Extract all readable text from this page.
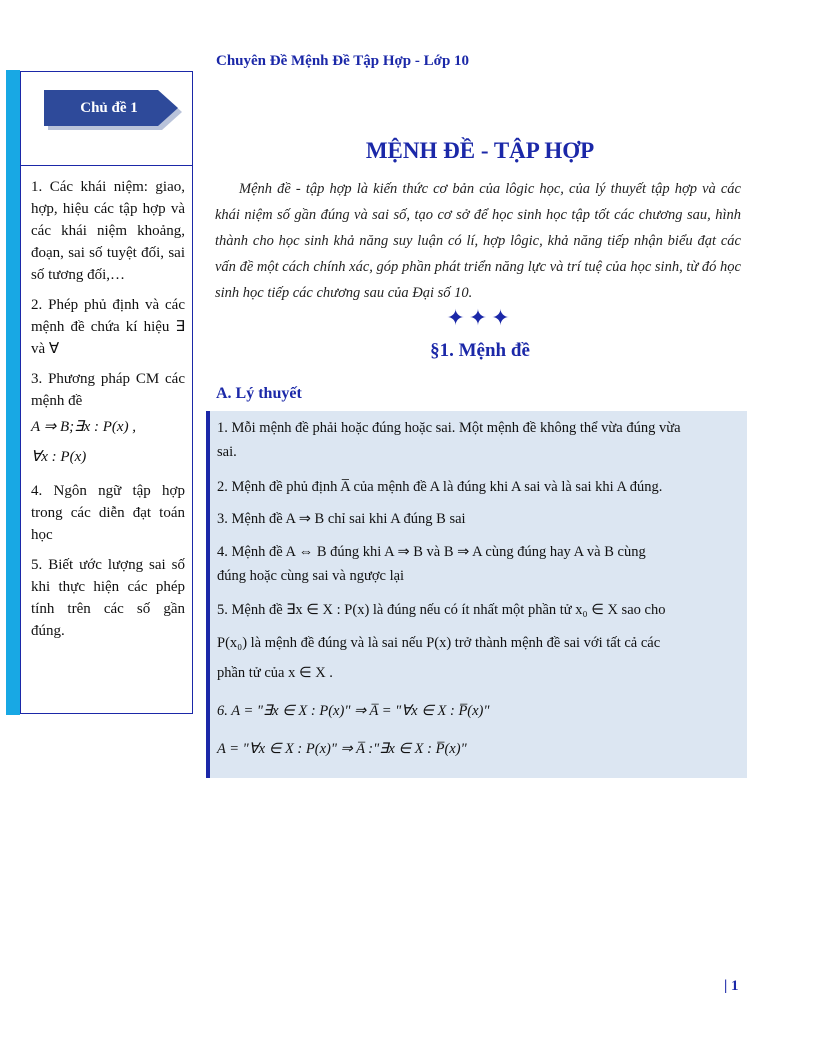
Chuyên Đề Mệnh Đề Tập Hợp - Lớp 10
Chủ đề 1
1. Các khái niệm: giao, hợp, hiệu các tập hợp và các khái niệm khoảng, đoạn, sai số tuyệt đối, sai số tương đối,…
2. Phép phủ định và các mệnh đề chứa kí hiệu ∃ và ∀
3. Phương pháp CM các mệnh đề
A ⇒ B;∃x : P(x) ,
∀x : P(x)
4. Ngôn ngữ tập hợp trong các diễn đạt toán học
5. Biết ước lượng sai số khi thực hiện các phép tính trên các số gần đúng.
MỆNH ĐỀ - TẬP HỢP
Mệnh đề - tập hợp là kiến thức cơ bản của lôgic học, của lý thuyết tập hợp và các khái niệm số gần đúng và sai số, tạo cơ sở để học sinh học tập tốt các chương sau, hình thành cho học sinh khả năng suy luận có lí, hợp lôgic, khả năng tiếp nhận biểu đạt các vấn đề một cách chính xác, góp phần phát triển năng lực và trí tuệ của học sinh, từ đó học sinh học tiếp các chương sau của Đại số 10.
✦✦✦
§1. Mệnh đề
A. Lý thuyết
1. Mỗi mệnh đề phải hoặc đúng hoặc sai. Một mệnh đề không thể vừa đúng vừa
sai.
2. Mệnh đề phủ định A̅ của mệnh đề A là đúng khi A sai và là sai khi A đúng.
3. Mệnh đề A ⇒ B chỉ sai khi A đúng B sai
4. Mệnh đề A ⇔ B đúng khi A ⇒ B và B ⇒ A cùng đúng hay A và B cùng
đúng hoặc cùng sai và ngược lại
5. Mệnh đề ∃x ∈ X : P(x) là đúng nếu có ít nhất một phần tử x₀ ∈ X sao cho
P(x₀) là mệnh đề đúng và là sai nếu P(x) trở thành mệnh đề sai với tất cả các
phần tử của x ∈ X .
6. A = "∃x ∈ X : P(x)" ⇒ A̅ = "∀x ∈ X : P̅(x)"
A = "∀x ∈ X : P(x)" ⇒ A̅ :"∃x ∈ X : P̅(x)"
| 1
